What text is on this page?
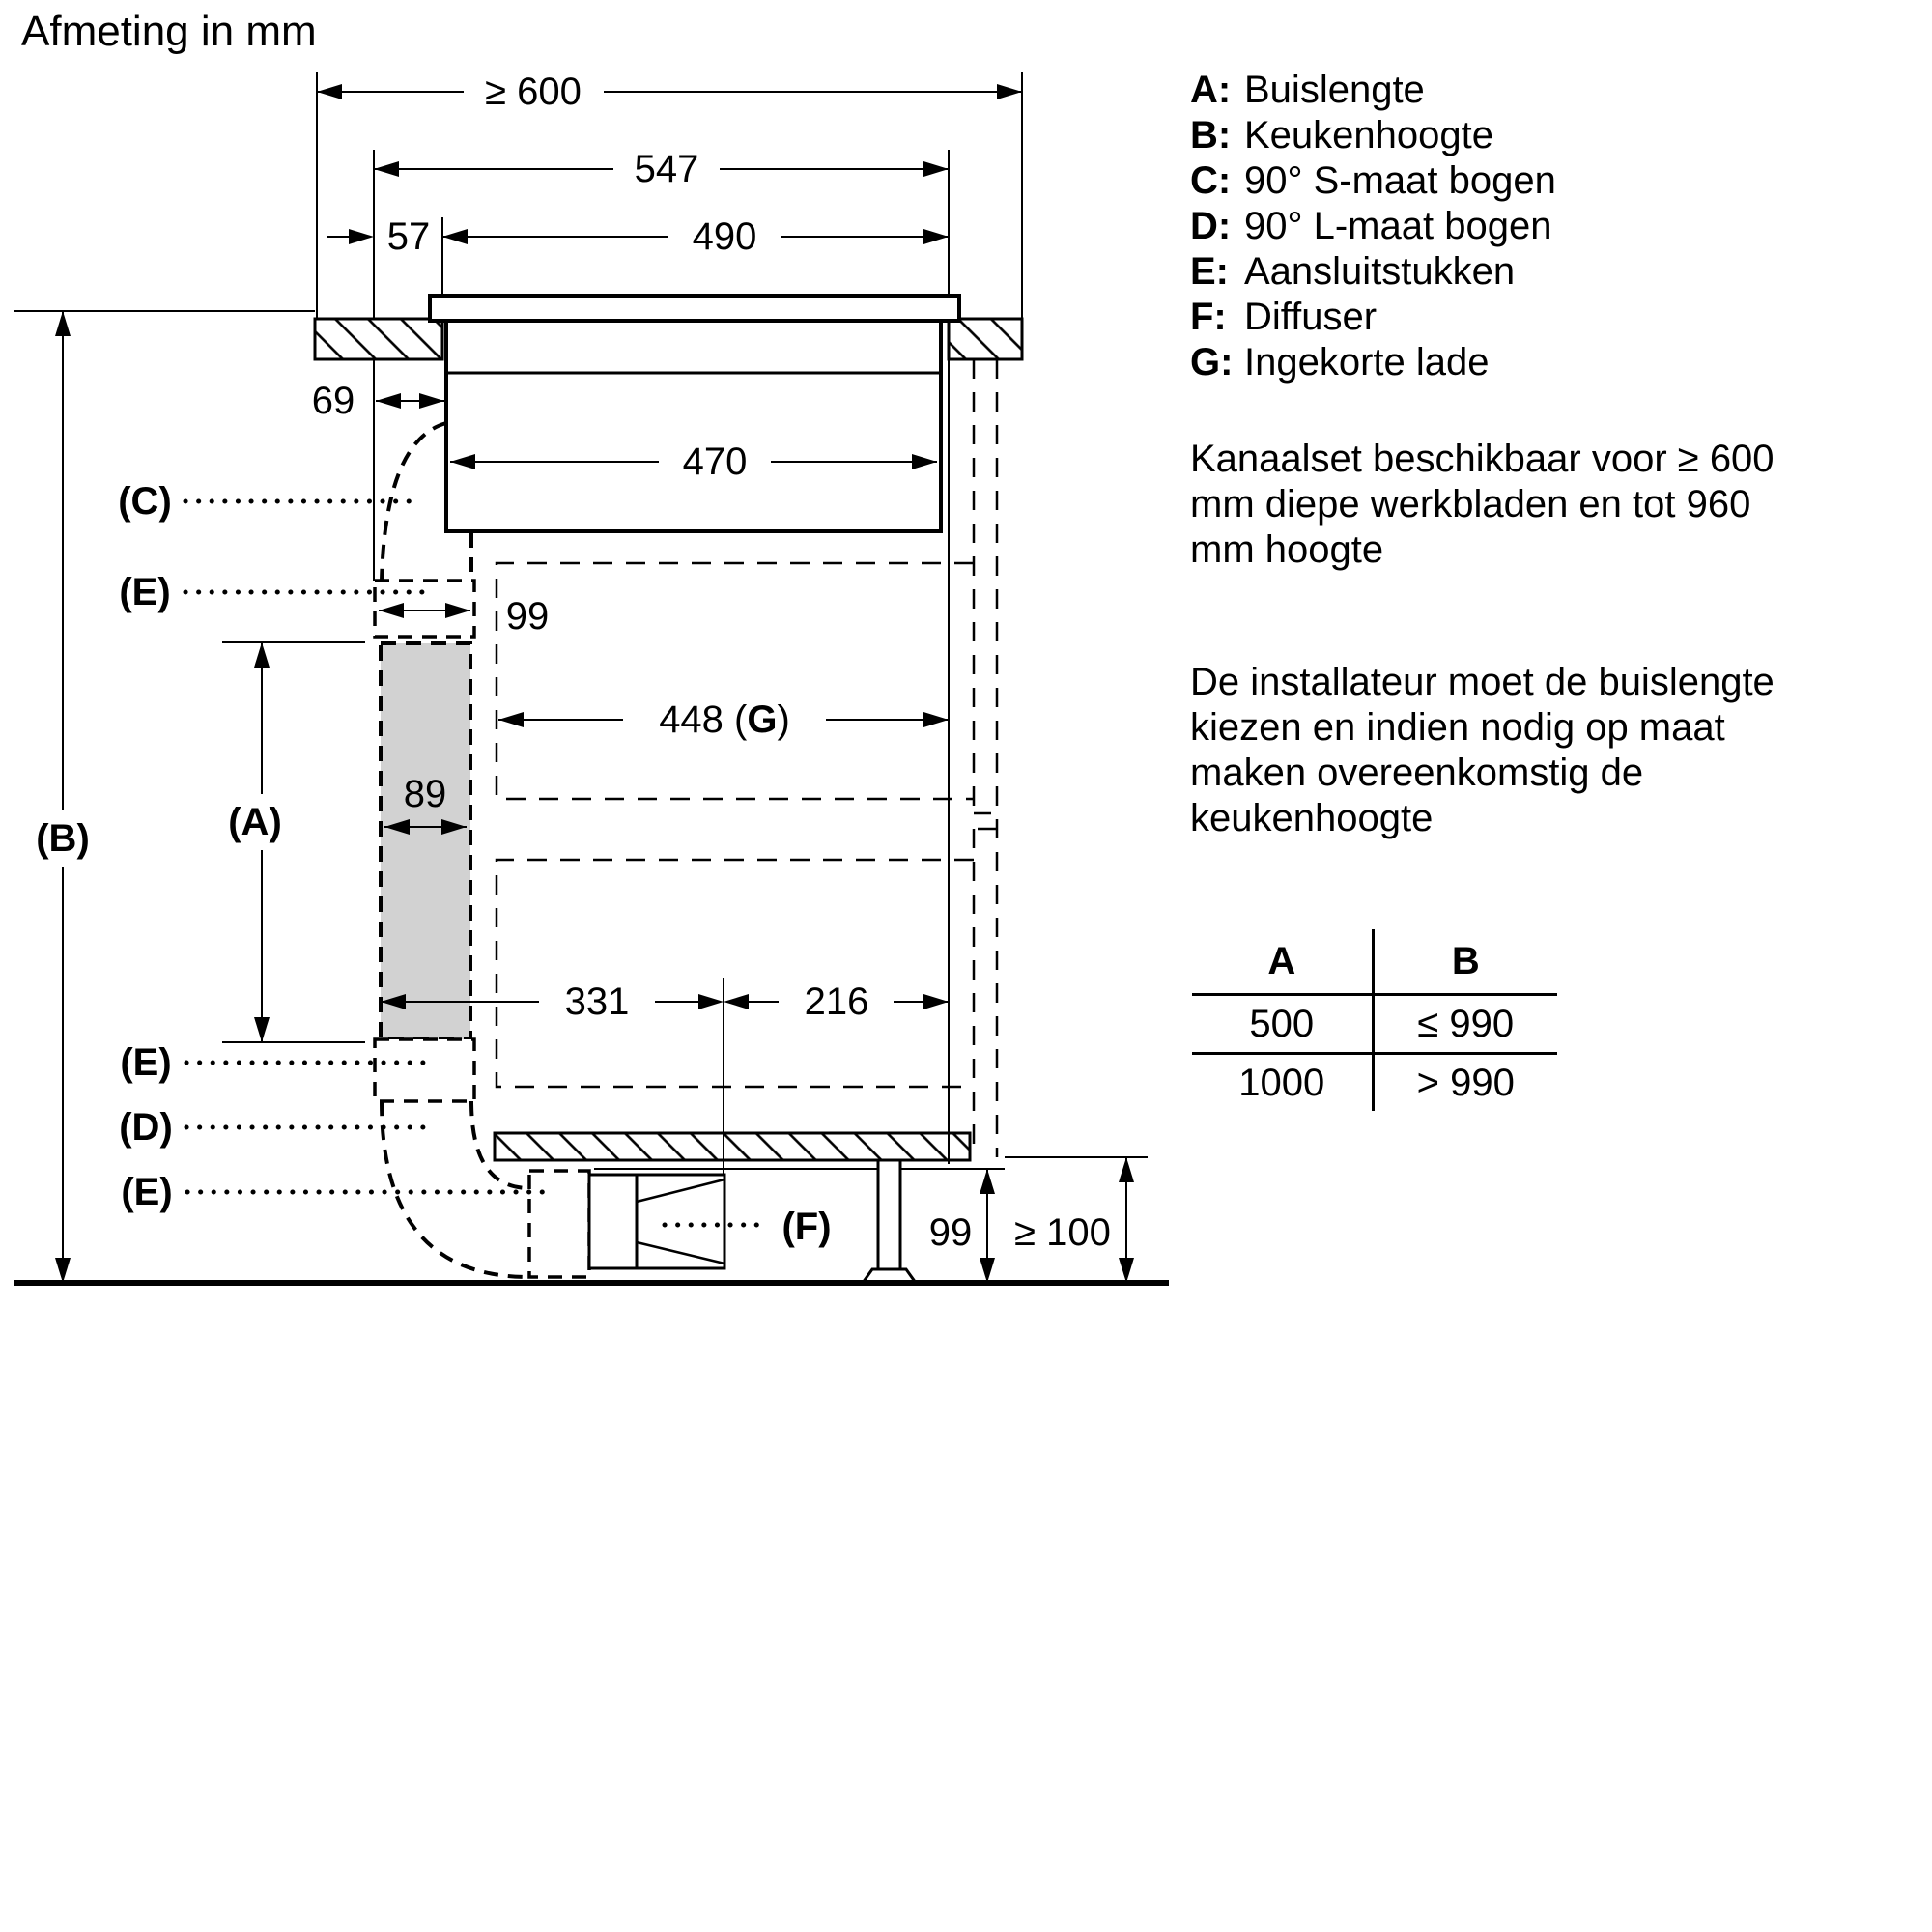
≥ 600
547
57	490
69
470
99
448 (G)
89
331	216
(A)
(B)
99 ≥ 100
(C)
(E)
(E)
(D)
(E)
(F)
Afmeting in mm
A: Buislengte
B: Keukenhoogte
C: 90° S-maat bogen
D: 90° L-maat bogen
E: Aansluitstukken
F: Diffuser
G: Ingekorte lade
Kanaalset beschikbaar voor ≥ 600
mm diepe werkbladen en tot 960
mm hoogte
De installateur moet de buislengte
kiezen en indien nodig op maat
maken overeenkomstig de
keukenhoogte
A	B
500	≤ 990
1000	> 990
